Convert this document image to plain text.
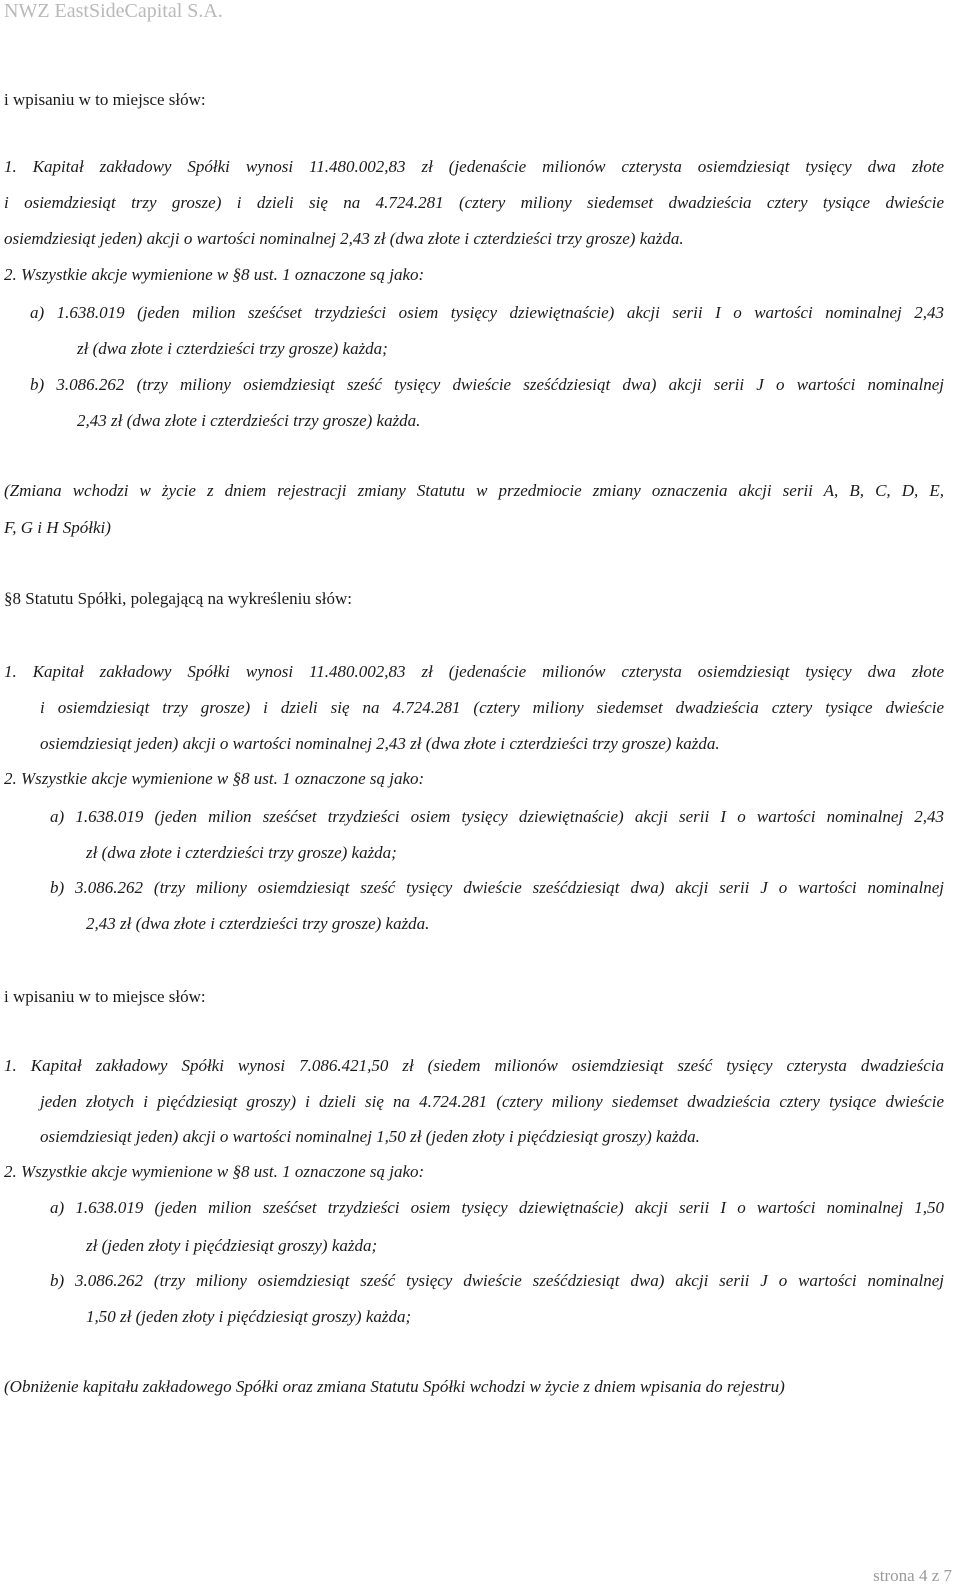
NWZ EastSideCapital S.A.
i wpisaniu w to miejsce słów:
1. Kapitał zakładowy Spółki wynosi 11.480.002,83 zł (jedenaście milionów czterysta osiemdziesiąt tysięcy dwa złote
i osiemdziesiąt trzy grosze) i dzieli się na 4.724.281 (cztery miliony siedemset dwadzieścia cztery tysiące dwieście
osiemdziesiąt jeden) akcji o wartości nominalnej 2,43 zł (dwa złote i czterdzieści trzy grosze) każda.
2. Wszystkie akcje wymienione w §8 ust. 1 oznaczone są jako:
a) 1.638.019 (jeden milion sześćset trzydzieści osiem tysięcy dziewiętnaście) akcji serii I o wartości nominalnej 2,43
zł (dwa złote i czterdzieści trzy grosze) każda;
b) 3.086.262 (trzy miliony osiemdziesiąt sześć tysięcy dwieście sześćdziesiąt dwa) akcji serii J o wartości nominalnej
2,43 zł (dwa złote i czterdzieści trzy grosze) każda.
(Zmiana wchodzi w życie z dniem rejestracji zmiany Statutu w przedmiocie zmiany oznaczenia akcji serii A, B, C, D, E,
F, G i H Spółki)
§8 Statutu Spółki, polegającą na wykreśleniu słów:
1. Kapitał zakładowy Spółki wynosi 11.480.002,83 zł (jedenaście milionów czterysta osiemdziesiąt tysięcy dwa złote
i osiemdziesiąt trzy grosze) i dzieli się na 4.724.281 (cztery miliony siedemset dwadzieścia cztery tysiące dwieście
osiemdziesiąt jeden) akcji o wartości nominalnej 2,43 zł (dwa złote i czterdzieści trzy grosze) każda.
2. Wszystkie akcje wymienione w §8 ust. 1 oznaczone są jako:
a) 1.638.019 (jeden milion sześćset trzydzieści osiem tysięcy dziewiętnaście) akcji serii I o wartości nominalnej 2,43
zł (dwa złote i czterdzieści trzy grosze) każda;
b) 3.086.262 (trzy miliony osiemdziesiąt sześć tysięcy dwieście sześćdziesiąt dwa) akcji serii J o wartości nominalnej
2,43 zł (dwa złote i czterdzieści trzy grosze) każda.
i wpisaniu w to miejsce słów:
1. Kapitał zakładowy Spółki wynosi 7.086.421,50 zł (siedem milionów osiemdziesiąt sześć tysięcy czterysta dwadzieścia
jeden złotych i pięćdziesiąt groszy) i dzieli się na 4.724.281 (cztery miliony siedemset dwadzieścia cztery tysiące dwieście
osiemdziesiąt jeden) akcji o wartości nominalnej 1,50 zł (jeden złoty i pięćdziesiąt groszy) każda.
2. Wszystkie akcje wymienione w §8 ust. 1 oznaczone są jako:
a) 1.638.019 (jeden milion sześćset trzydzieści osiem tysięcy dziewiętnaście) akcji serii I o wartości nominalnej 1,50
zł (jeden złoty i pięćdziesiąt groszy) każda;
b) 3.086.262 (trzy miliony osiemdziesiąt sześć tysięcy dwieście sześćdziesiąt dwa) akcji serii J o wartości nominalnej
1,50 zł (jeden złoty i pięćdziesiąt groszy) każda;
(Obniżenie kapitału zakładowego Spółki oraz zmiana Statutu Spółki wchodzi w życie z dniem wpisania do rejestru)
strona 4 z 7
